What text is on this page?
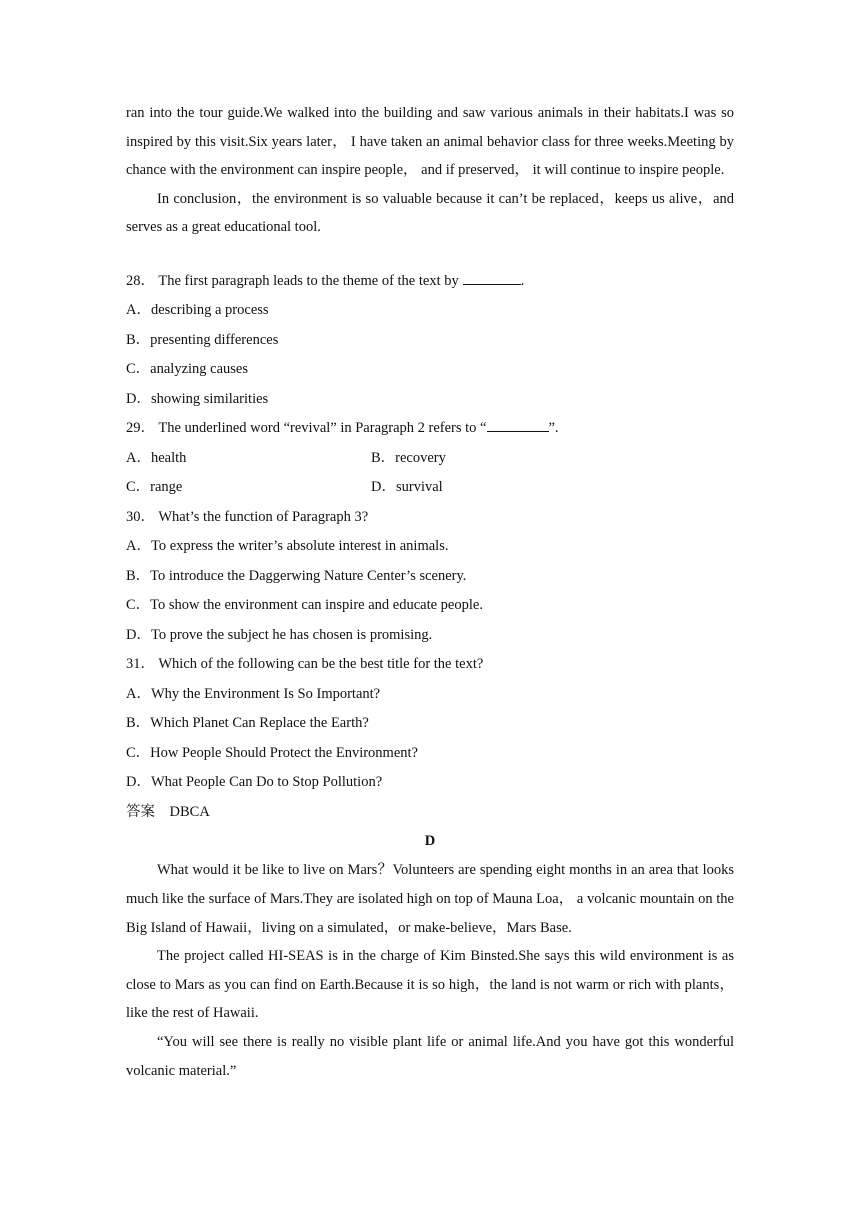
ran into the tour guide.We walked into the building and saw various animals in their habitats.I was so inspired by this visit.Six years later， I have taken an animal behavior class for three weeks.Meeting by chance with the environment can inspire people， and if preserved， it will continue to inspire people.

In conclusion，the environment is so valuable because it can’t be replaced，keeps us alive，and serves as a great educational tool.

28． The first paragraph leads to the theme of the text by	.
A．describing a process
B．presenting differences
C．analyzing causes
D．showing similarities
29． The underlined word “revival” in Paragraph 2 refers to “	”.
A．health	B．recovery
C．range	D．survival
30． What’s the function of Paragraph 3?
A．To express the writer’s absolute interest in animals.
B．To introduce the Daggerwing Nature Center’s scenery.
C．To show the environment can inspire and educate people.
D．To prove the subject he has chosen is promising.
31． Which of the following can be the best title for the text?
A．Why the Environment Is So Important?
B．Which Planet Can Replace the Earth?
C．How People Should Protect the Environment?
D．What People Can Do to Stop Pollution?
答案　DBCA
D

What would it be like to live on Mars？Volunteers are spending eight months in an area that looks much like the surface of Mars.They are isolated high on top of Mauna Loa， a volcanic mountain on the Big Island of Hawaii，living on a simulated，or make-believe，Mars Base.

The project called HI-SEAS is in the charge of Kim Binsted.She says this wild environment is as close to Mars as you can find on Earth.Because it is so high，the land is not warm or rich with plants，like the rest of Hawaii.

“You will see there is really no visible plant life or animal life.And you have got this wonderful volcanic material.”
